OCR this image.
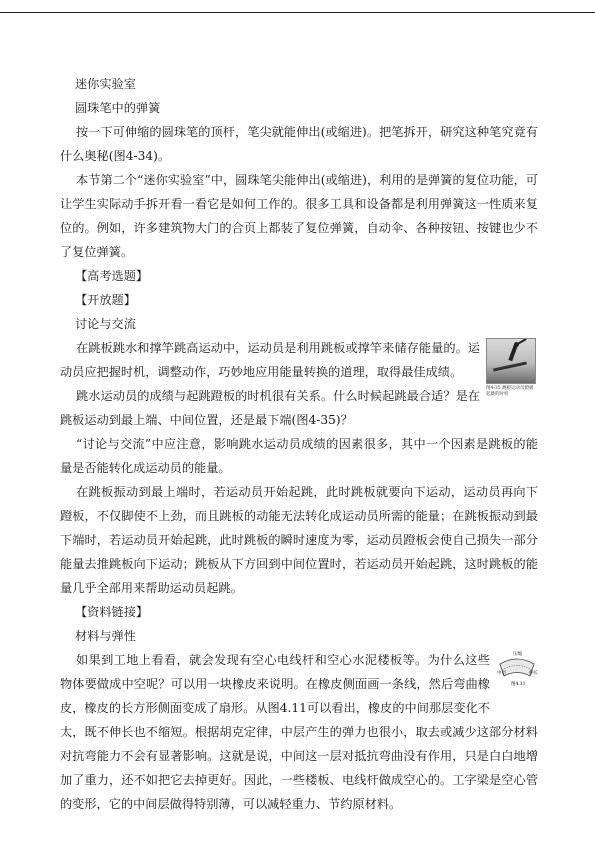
迷你实验室

圆珠笔中的弹簧

按一下可伸缩的圆珠笔的顶杆，笔尖就能伸出(或缩进)。把笔拆开，研究这种笔究竟有什么奥秘(图4-34)。

本节第二个“迷你实验室”中，圆珠笔尖能伸出(或缩进)，利用的是弹簧的复位功能，可让学生实际动手拆开看一看它是如何工作的。很多工具和设备都是利用弹簧这一性质来复位的。例如，许多建筑物大门的合页上都装了复位弹簧，自动伞、各种按钮、按键也少不了复位弹簧。

【高考选题】

【开放题】

讨论与交流

图4-35 跳板运动员蹬板起跳的时机

在跳板跳水和撑竿跳高运动中，运动员是利用跳板或撑竿来储存能量的。运动员应把握时机，调整动作，巧妙地应用能量转换的道理，取得最佳成绩。

跳水运动员的成绩与起跳蹬板的时机很有关系。什么时候起跳最合适？是在跳板运动到最上端、中间位置，还是最下端(图4-35)？

“讨论与交流”中应注意，影响跳水运动员成绩的因素很多，其中一个因素是跳板的能量是否能转化成运动员的能量。

在跳板振动到最上端时，若运动员开始起跳，此时跳板就要向下运动，运动员再向下蹬板，不仅脚使不上劲，而且跳板的动能无法转化成运动员所需的能量；在跳板振动到最下端时，若运动员开始起跳，此时跳板的瞬时速度为零，运动员蹬板会使自己损失一部分能量去推跳板向下运动；跳板从下方回到中间位置时，若运动员开始起跳，这时跳板的能量几乎全部用来帮助运动员起跳。

【资料链接】

材料与弹性

压缩
中层	伸长
图4.11

如果到工地上看看，就会发现有空心电线杆和空心水泥楼板等。为什么这些物体要做成中空呢？可以用一块橡皮来说明。在橡皮侧面画一条线，然后弯曲橡皮，橡皮的长方形侧面变成了扇形。从图4.11可以看出，橡皮的中间那层变化不太，既不伸长也不缩短。根据胡克定律，中层产生的弹力也很小，取去或减少这部分材料对抗弯能力不会有显著影响。这就是说，中间这一层对抵抗弯曲没有作用，只是白白地增加了重力，还不如把它去掉更好。因此，一些楼板、电线杆做成空心的。工字梁是空心管的变形，它的中间层做得特别薄，可以减轻重力、节约原材料。
